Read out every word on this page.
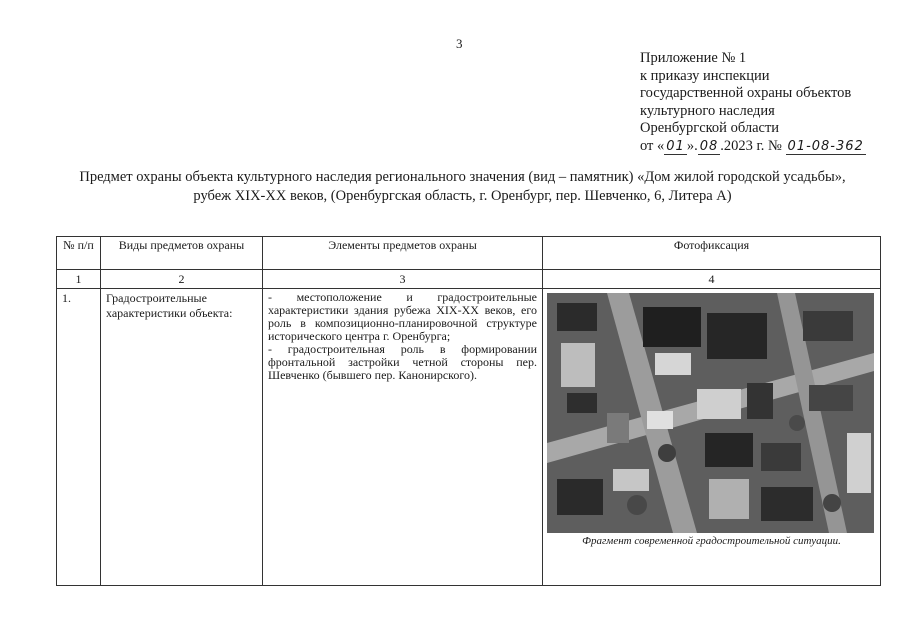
3
Приложение № 1
к приказу инспекции
государственной охраны объектов
культурного наследия
Оренбургской области
от « 01 ». 08 .2023 г. № 01-08-362
Предмет охраны объекта культурного наследия регионального значения (вид – памятник) «Дом жилой городской усадьбы»,
рубеж XIX-XX веков, (Оренбургская область, г. Оренбург, пер. Шевченко, 6, Литера А)
№ п/п	Виды предметов охраны	Элементы предметов охраны	Фотофиксация
1	2	3	4
1.	Градостроительные характеристики объекта:	- местоположение и градостроительные характеристики здания рубежа XIX-XX веков, его роль в композиционно-планировочной структуре исторического центра г. Оренбурга;
- градостроительная роль в формировании фронтальной застройки четной стороны пер. Шевченко (бывшего пер. Канонирского).	Фрагмент современной градостроительной ситуации.
